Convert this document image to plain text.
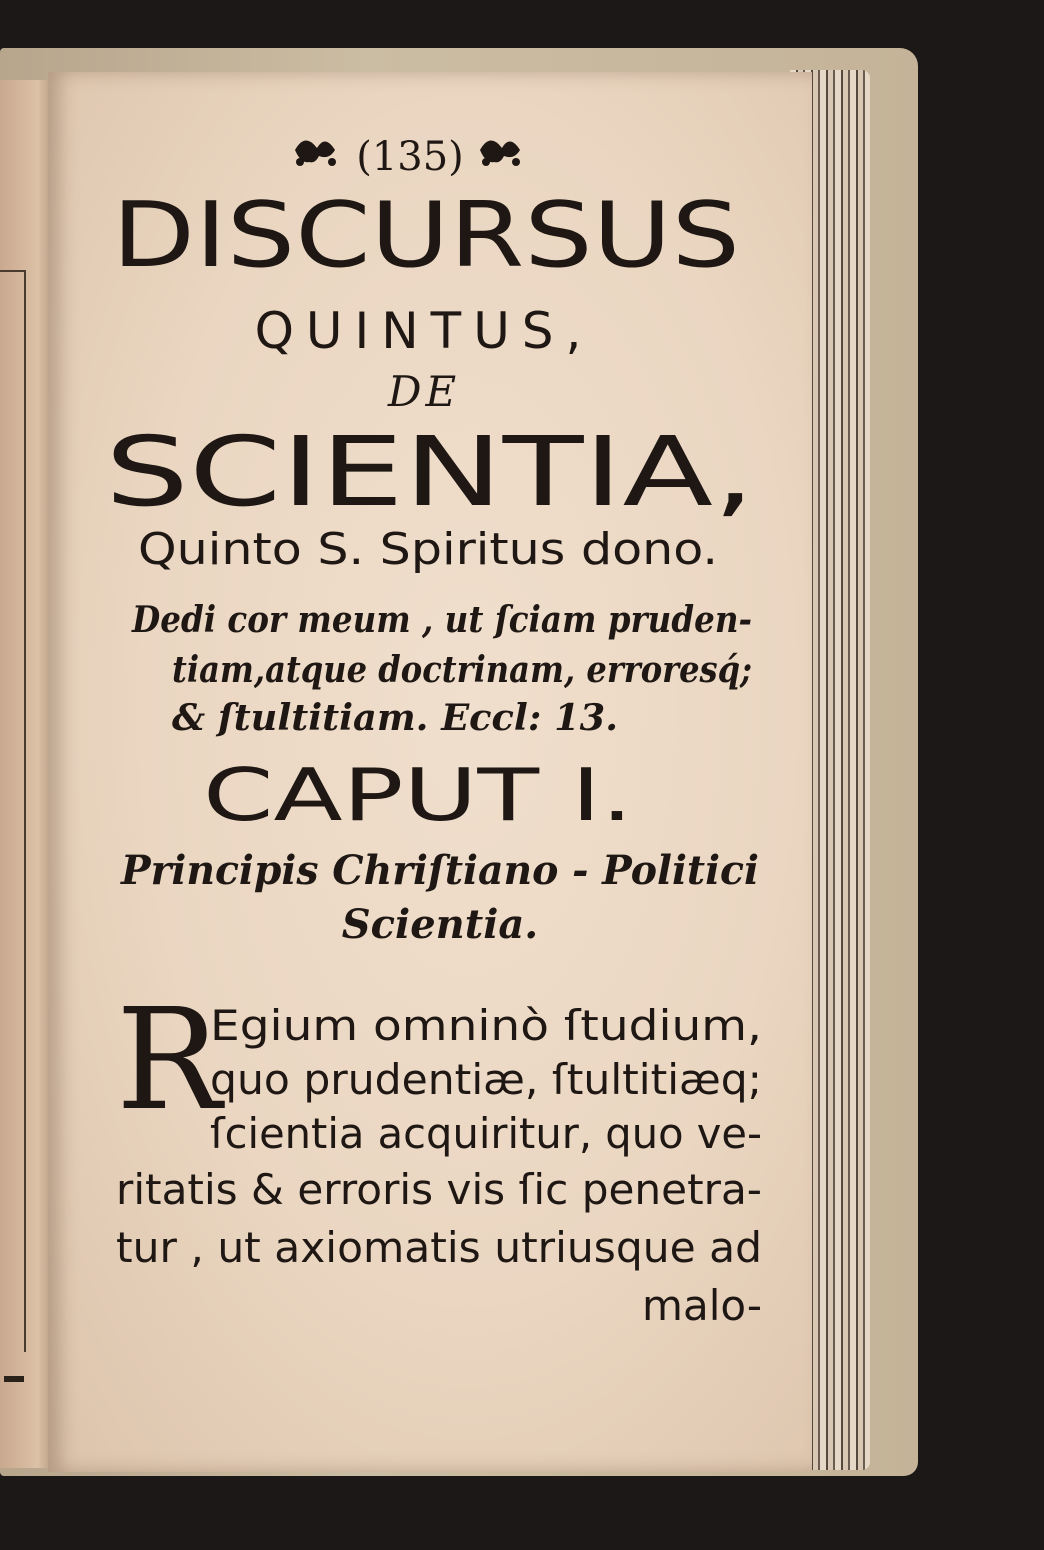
(135)
DISCURSUS
QUINTUS,
DE
SCIENTIA,
Quinto S. Spiritus dono.
Dedi cor meum , ut ſciam pruden-
tiam,atque doctrinam, erroresq́;
& ſtultitiam. Eccl: 13.
CAPUT I.
Principis Chriſtiano - Politici
Scientia.
R
Egium omninò ſtudium,
quo prudentiæ, ſtultitiæq;
ſcientia acquiritur, quo ve-
ritatis & erroris vis ſic penetra-
tur , ut axiomatis utriusque ad
malo-
